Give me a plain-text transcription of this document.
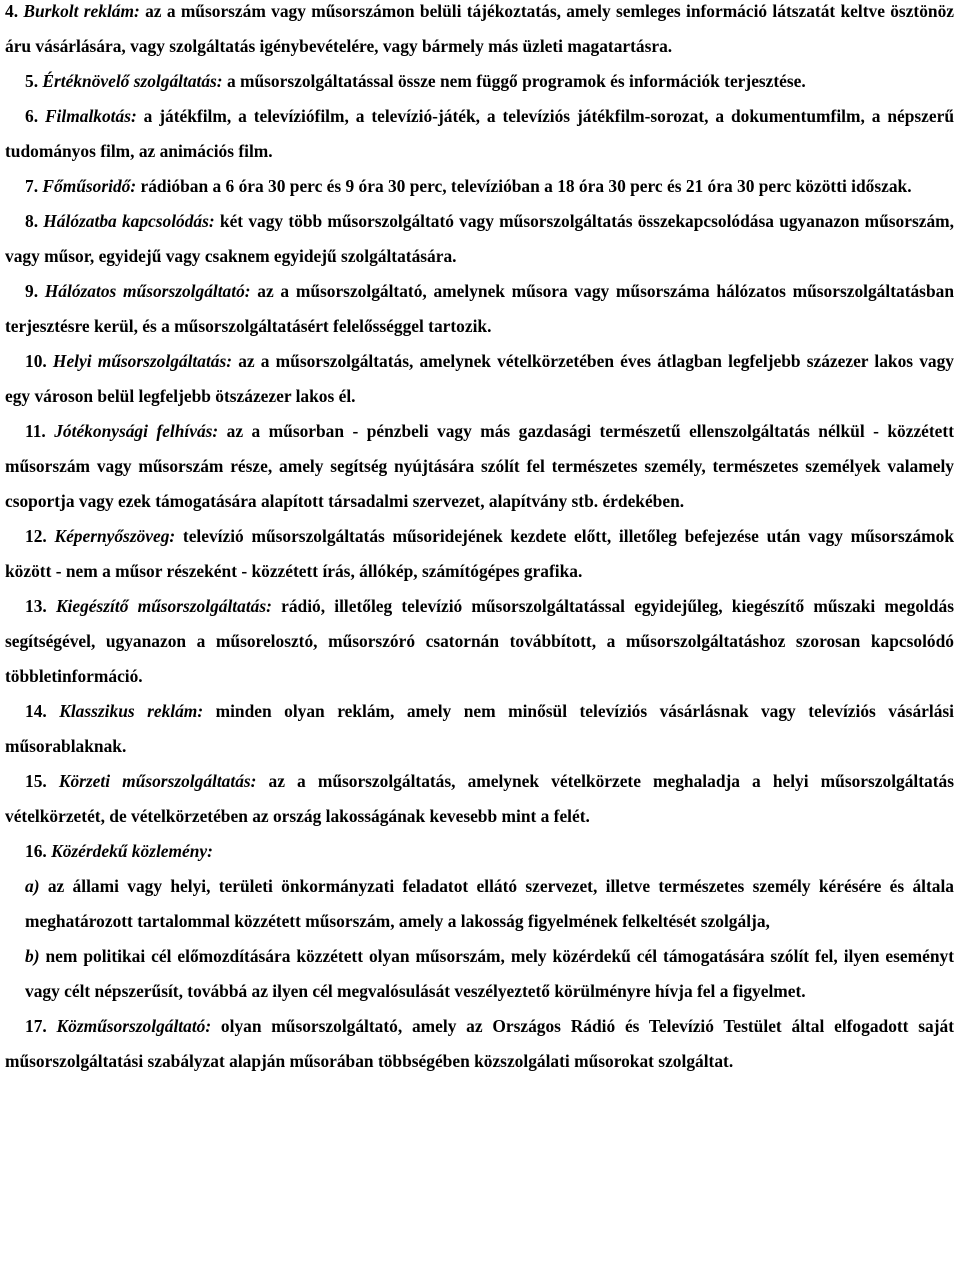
4. Burkolt reklám: az a műsorszám vagy műsorszámon belüli tájékoztatás, amely semleges információ látszatát keltve ösztönöz áru vásárlására, vagy szolgáltatás igénybevételére, vagy bármely más üzleti magatartásra.

5. Értéknövelő szolgáltatás: a műsorszolgáltatással össze nem függő programok és információk terjesztése.

6. Filmalkotás: a játékfilm, a televíziófilm, a televízió-játék, a televíziós játékfilm-sorozat, a dokumentumfilm, a népszerű tudományos film, az animációs film.

7. Főműsoridő: rádióban a 6 óra 30 perc és 9 óra 30 perc, televízióban a 18 óra 30 perc és 21 óra 30 perc közötti időszak.

8. Hálózatba kapcsolódás: két vagy több műsorszolgáltató vagy műsorszolgáltatás összekapcsolódása ugyanazon műsorszám, vagy műsor, egyidejű vagy csaknem egyidejű szolgáltatására.

9. Hálózatos műsorszolgáltató: az a műsorszolgáltató, amelynek műsora vagy műsorszáma hálózatos műsorszolgáltatásban terjesztésre kerül, és a műsorszolgáltatásért felelősséggel tartozik.

10. Helyi műsorszolgáltatás: az a műsorszolgáltatás, amelynek vételkörzetében éves átlagban legfeljebb százezer lakos vagy egy városon belül legfeljebb ötszázezer lakos él.

11. Jótékonysági felhívás: az a műsorban - pénzbeli vagy más gazdasági természetű ellenszolgáltatás nélkül - közzétett műsorszám vagy műsorszám része, amely segítség nyújtására szólít fel természetes személy, természetes személyek valamely csoportja vagy ezek támogatására alapított társadalmi szervezet, alapítvány stb. érdekében.

12. Képernyőszöveg: televízió műsorszolgáltatás műsoridejének kezdete előtt, illetőleg befejezése után vagy műsorszámok között - nem a műsor részeként - közzétett írás, állókép, számítógépes grafika.

13. Kiegészítő műsorszolgáltatás: rádió, illetőleg televízió műsorszolgáltatással egyidejűleg, kiegészítő műszaki megoldás segítségével, ugyanazon a műsorelosztó, műsorszóró csatornán továbbított, a műsorszolgáltatáshoz szorosan kapcsolódó többletinformáció.

14. Klasszikus reklám: minden olyan reklám, amely nem minősül televíziós vásárlásnak vagy televíziós vásárlási műsorablaknak.

15. Körzeti műsorszolgáltatás: az a műsorszolgáltatás, amelynek vételkörzete meghaladja a helyi műsorszolgáltatás vételkörzetét, de vételkörzetében az ország lakosságának kevesebb mint a felét.

16. Közérdekű közlemény:

a) az állami vagy helyi, területi önkormányzati feladatot ellátó szervezet, illetve természetes személy kérésére és általa meghatározott tartalommal közzétett műsorszám, amely a lakosság figyelmének felkeltését szolgálja,

b) nem politikai cél előmozdítására közzétett olyan műsorszám, mely közérdekű cél támogatására szólít fel, ilyen eseményt vagy célt népszerűsít, továbbá az ilyen cél megvalósulását veszélyeztető körülményre hívja fel a figyelmet.

17. Közműsorszolgáltató: olyan műsorszolgáltató, amely az Országos Rádió és Televízió Testület által elfogadott saját műsorszolgáltatási szabályzat alapján műsorában többségében közszolgálati műsorokat szolgáltat.
